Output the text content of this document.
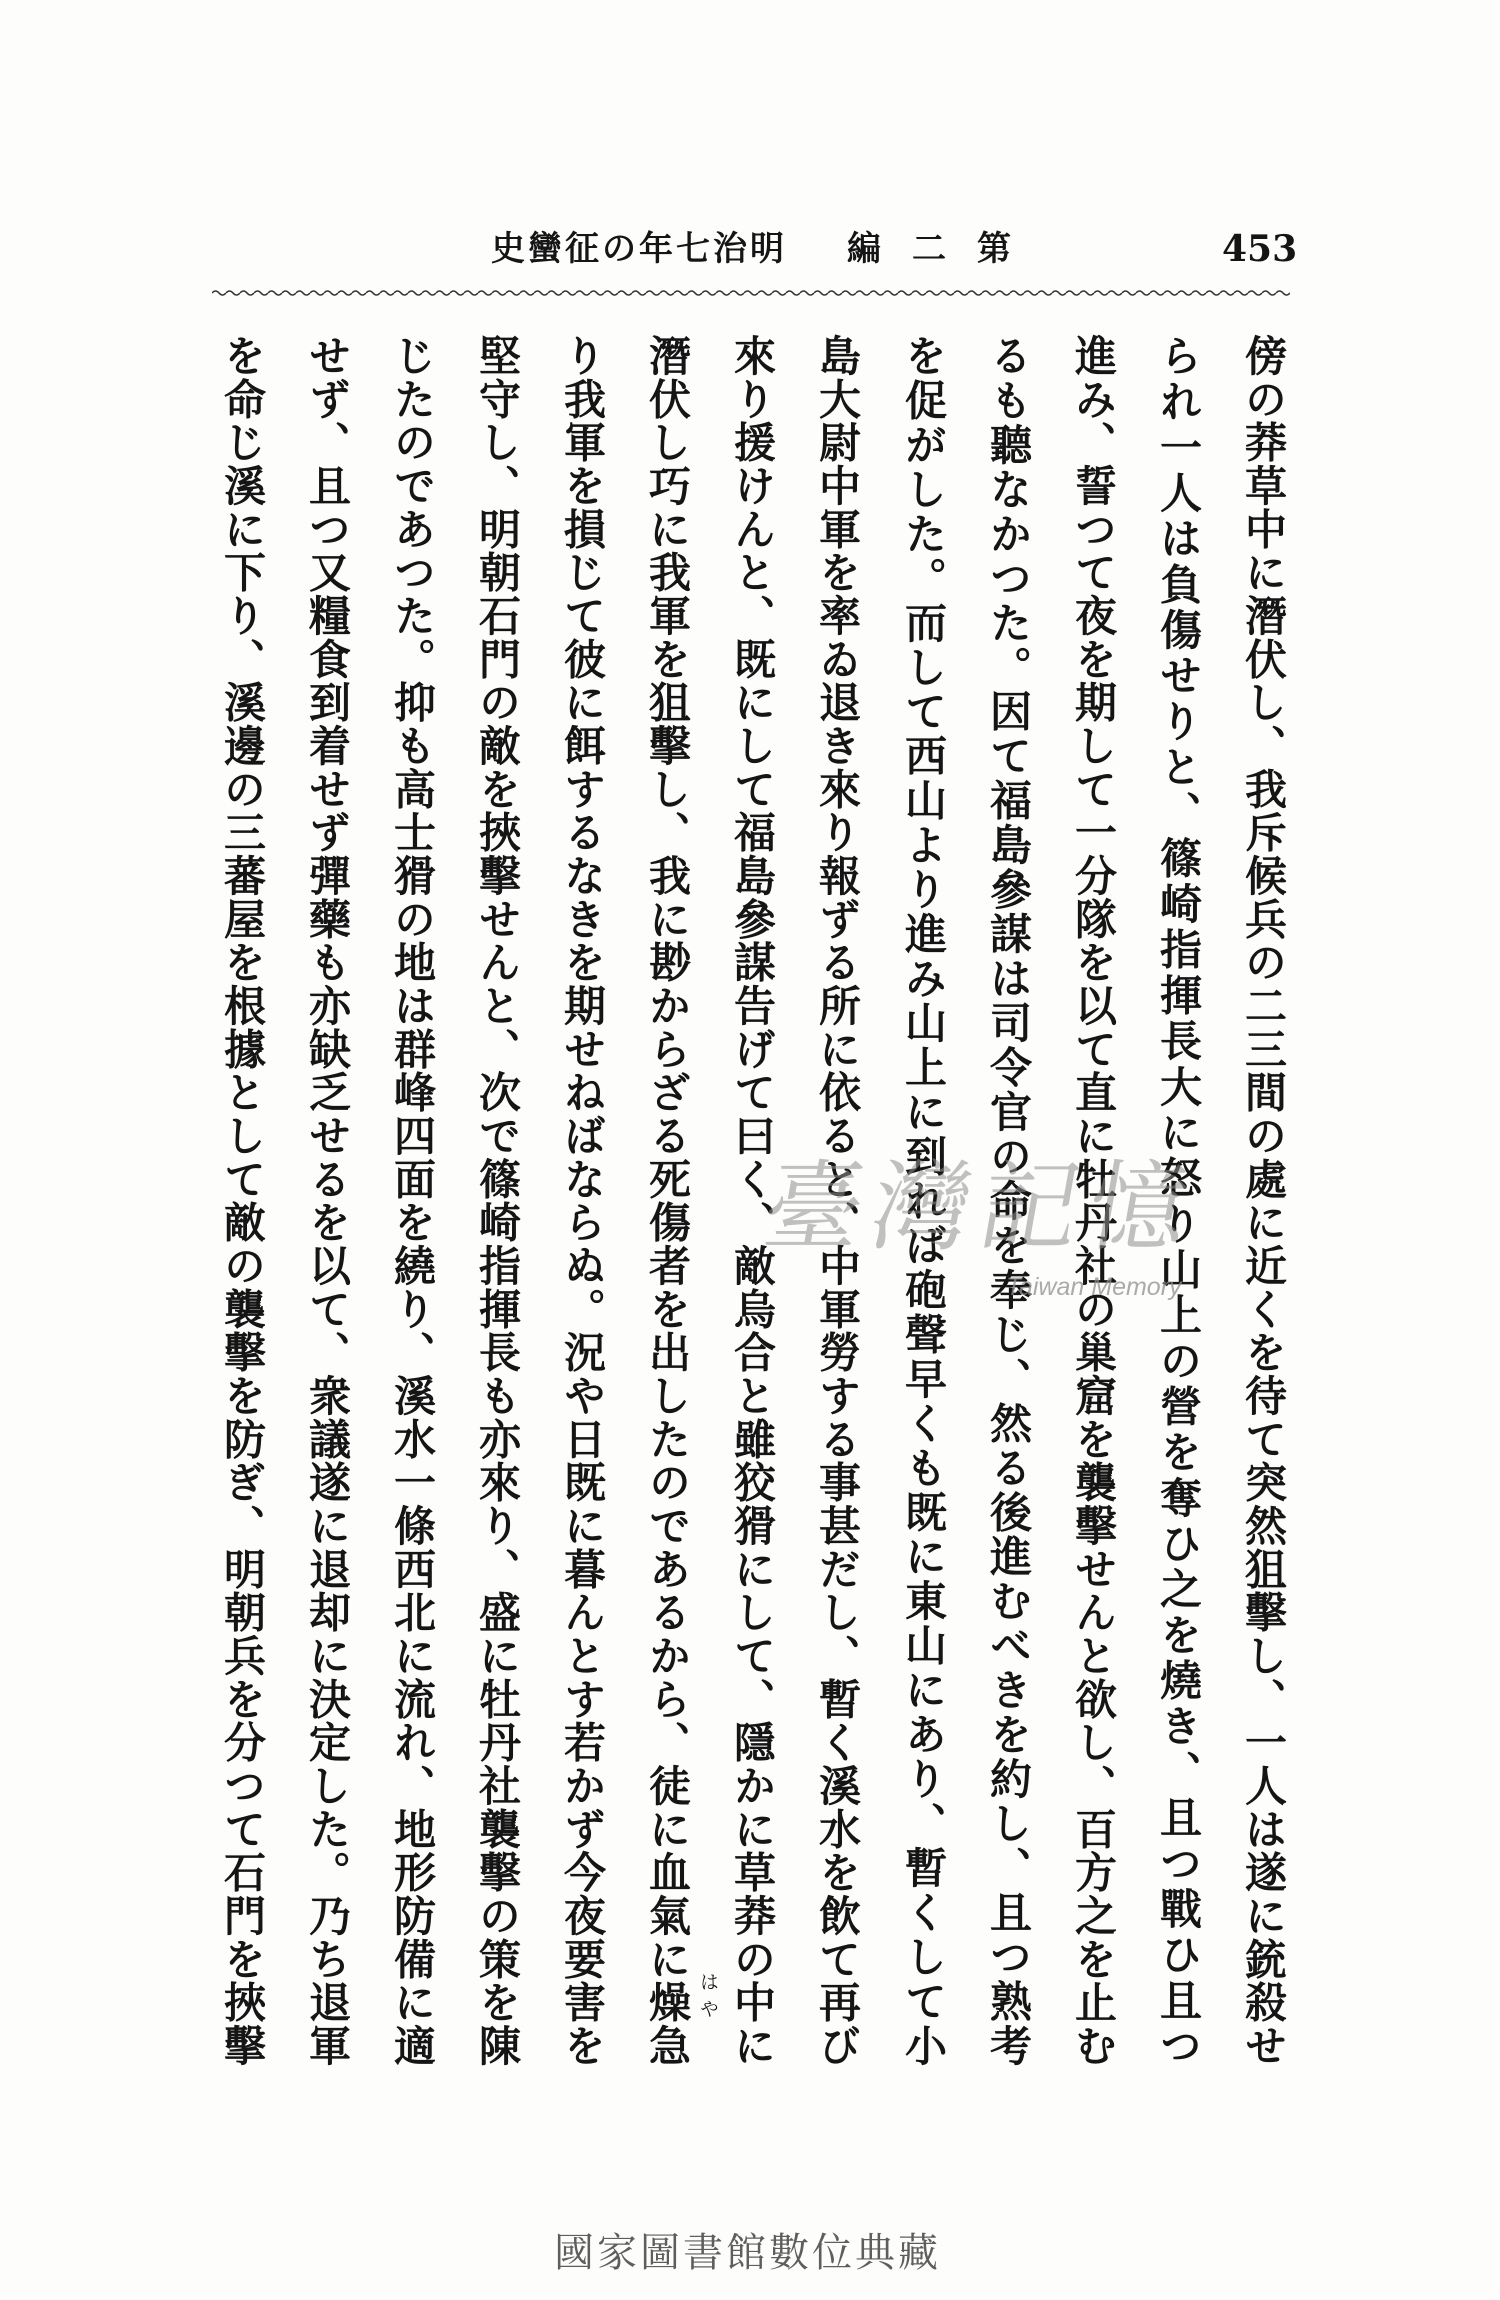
明治七年の征蠻史 第二編	453
傍の莽草中に潛伏し、我斥候兵の二三間の處に近くを待て突然狙擊し、一人は遂に銃殺せ
られ一人は負傷せりと、篠崎指揮長大に怒り山上の營を奪ひ之を燒き、且つ戰ひ且つ
進み、誓つて夜を期して一分隊を以て直に牡丹社の巢窟を襲擊せんと欲し、百方之を止む
るも聽なかつた。因て福島參謀は司令官の命を奉じ、然る後進むべきを約し、且つ熟考
を促がした。而して西山より進み山上に到れば砲聲早くも既に東山にあり、暫くして小
島大尉中軍を率ゐ退き來り報ずる所に依ると、中軍勞する事甚だし、暫く溪水を飲て再び
來り援けんと、既にして福島參謀告げて曰く、敵烏合と雖狡猾にして、隱かに草莽の中に
潛伏し巧に我軍を狙擊し、我に尠からざる死傷者を出したのであるから、徒に血氣に燥急
り我軍を損じて彼に餌するなきを期せねばならぬ。況や日既に暮んとす若かず今夜要害を
堅守し、明朝石門の敵を挾擊せんと、次で篠崎指揮長も亦來り、盛に牡丹社襲擊の策を陳
じたのであつた。抑も高士猾の地は群峰四面を繞り、溪水一條西北に流れ、地形防備に適
せず、且つ又糧食到着せず彈藥も亦缺乏せるを以て、衆議遂に退却に決定した。乃ち退軍
を命じ溪に下り、溪邊の三蕃屋を根據として敵の襲擊を防ぎ、明朝兵を分つて石門を挾擊	はや
臺灣記憶
Taiwan Memory
國家圖書館數位典藏
